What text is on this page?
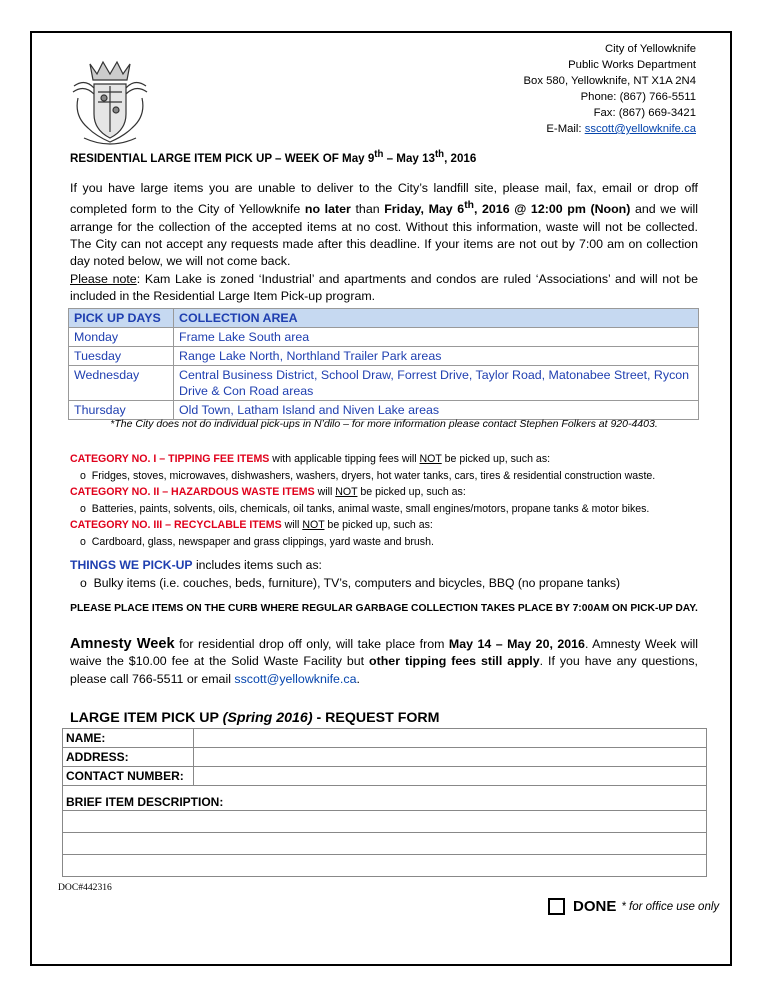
City of Yellowknife
Public Works Department
Box 580, Yellowknife, NT X1A 2N4
Phone: (867) 766-5511
Fax: (867) 669-3421
E-Mail: sscott@yellowknife.ca
RESIDENTIAL LARGE ITEM PICK UP – WEEK OF May 9th – May 13th, 2016
If you have large items you are unable to deliver to the City’s landfill site, please mail, fax, email or drop off completed form to the City of Yellowknife no later than Friday, May 6th, 2016 @ 12:00 pm (Noon) and we will arrange for the collection of the accepted items at no cost. Without this information, waste will not be collected. The City can not accept any requests made after this deadline. If your items are not out by 7:00 am on collection day noted below, we will not come back.
Please note: Kam Lake is zoned ‘Industrial’ and apartments and condos are ruled ‘Associations’ and will not be included in the Residential Large Item Pick-up program.
PICK UP DAYS	COLLECTION AREA
Monday	Frame Lake South area
Tuesday	Range Lake North, Northland Trailer Park areas
Wednesday	Central Business District, School Draw, Forrest Drive, Taylor Road, Matonabee Street, Rycon Drive & Con Road areas
Thursday	Old Town, Latham Island and Niven Lake areas
*The City does not do individual pick-ups in N’dilo – for more information please contact Stephen Folkers at 920-4403.
CATEGORY NO. I – TIPPING FEE ITEMS with applicable tipping fees will NOT be picked up, such as:
o  Fridges, stoves, microwaves, dishwashers, washers, dryers, hot water tanks, cars, tires & residential construction waste.
CATEGORY NO. II – HAZARDOUS WASTE ITEMS will NOT be picked up, such as:
o  Batteries, paints, solvents, oils, chemicals, oil tanks, animal waste, small engines/motors, propane tanks & motor bikes.
CATEGORY NO. III – RECYCLABLE ITEMS will NOT be picked up, such as:
o  Cardboard, glass, newspaper and grass clippings, yard waste and brush.
THINGS WE PICK-UP includes items such as:
o  Bulky items (i.e. couches, beds, furniture), TV’s, computers and bicycles, BBQ (no propane tanks)
PLEASE PLACE ITEMS ON THE CURB WHERE REGULAR GARBAGE COLLECTION TAKES PLACE BY 7:00AM ON PICK-UP DAY.
Amnesty Week for residential drop off only, will take place from May 14 – May 20, 2016. Amnesty Week will waive the $10.00 fee at the Solid Waste Facility but other tipping fees still apply. If you have any questions, please call 766-5511 or email sscott@yellowknife.ca.
LARGE ITEM PICK UP (Spring 2016) - REQUEST FORM
NAME:	
ADDRESS:	
CONTACT NUMBER:	
BRIEF ITEM DESCRIPTION:	

DOC#442316
DONE * for office use only
